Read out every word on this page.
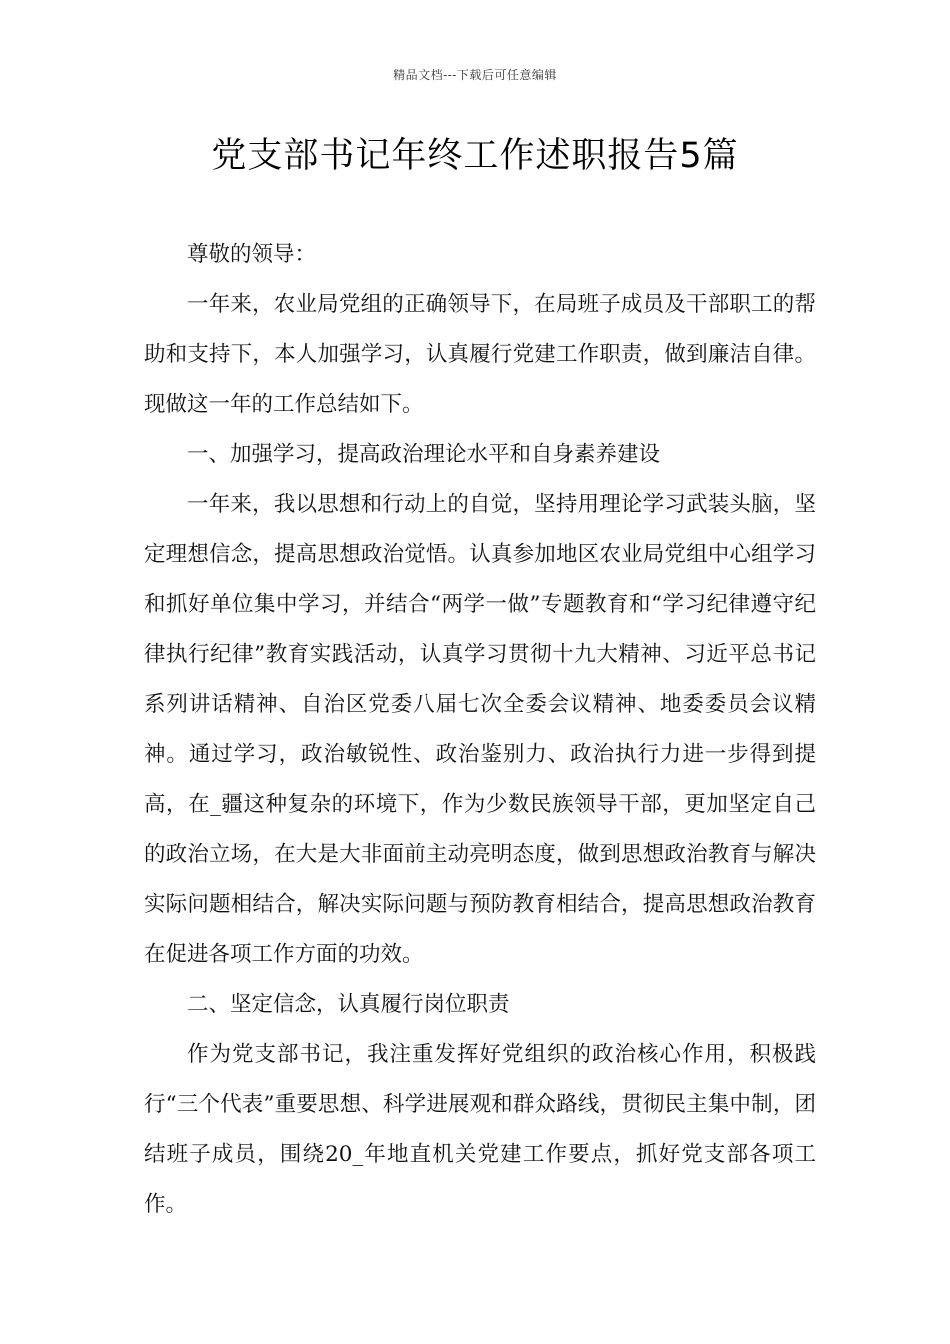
精品文档---下载后可任意编辑
党支部书记年终工作述职报告5篇

尊敬的领导：

一年来，农业局党组的正确领导下，在局班子成员及干部职工的帮助和支持下，本人加强学习，认真履行党建工作职责，做到廉洁自律。现做这一年的工作总结如下。

一、加强学习，提高政治理论水平和自身素养建设

一年来，我以思想和行动上的自觉，坚持用理论学习武装头脑，坚定理想信念，提高思想政治觉悟。认真参加地区农业局党组中心组学习和抓好单位集中学习，并结合“两学一做”专题教育和“学习纪律遵守纪律执行纪律”教育实践活动，认真学习贯彻十九大精神、习近平总书记系列讲话精神、自治区党委八届七次全委会议精神、地委委员会议精神。通过学习，政治敏锐性、政治鉴别力、政治执行力进一步得到提高，在_疆这种复杂的环境下，作为少数民族领导干部，更加坚定自己的政治立场，在大是大非面前主动亮明态度，做到思想政治教育与解决实际问题相结合，解决实际问题与预防教育相结合，提高思想政治教育在促进各项工作方面的功效。

二、坚定信念，认真履行岗位职责

作为党支部书记，我注重发挥好党组织的政治核心作用，积极践行“三个代表”重要思想、科学进展观和群众路线，贯彻民主集中制，团结班子成员，围绕20_年地直机关党建工作要点，抓好党支部各项工作。
